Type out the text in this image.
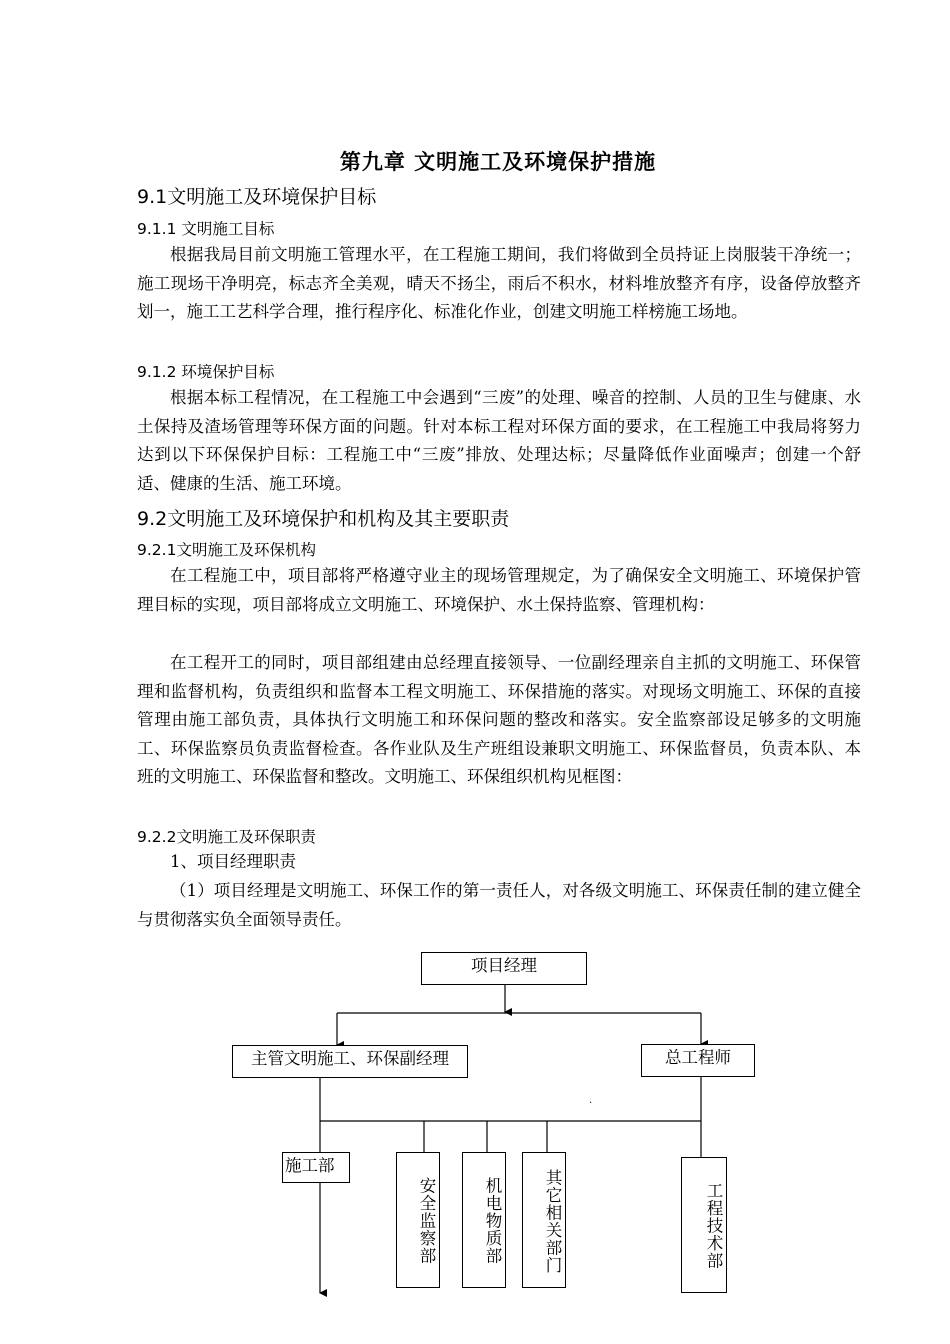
第九章 文明施工及环境保护措施
9.1文明施工及环境保护目标
9.1.1 文明施工目标
根据我局目前文明施工管理水平，在工程施工期间，我们将做到全员持证上岗服装干净统一；施工现场干净明亮，标志齐全美观，晴天不扬尘，雨后不积水，材料堆放整齐有序，设备停放整齐划一，施工工艺科学合理，推行程序化、标准化作业，创建文明施工样榜施工场地。
9.1.2 环境保护目标
根据本标工程情况，在工程施工中会遇到“三废”的处理、噪音的控制、人员的卫生与健康、水土保持及渣场管理等环保方面的问题。针对本标工程对环保方面的要求，在工程施工中我局将努力达到以下环保保护目标：工程施工中“三废”排放、处理达标；尽量降低作业面噪声；创建一个舒适、健康的生活、施工环境。
9.2文明施工及环境保护和机构及其主要职责
9.2.1文明施工及环保机构
在工程施工中，项目部将严格遵守业主的现场管理规定，为了确保安全文明施工、环境保护管理目标的实现，项目部将成立文明施工、环境保护、水土保持监察、管理机构：
在工程开工的同时，项目部组建由总经理直接领导、一位副经理亲自主抓的文明施工、环保管理和监督机构，负责组织和监督本工程文明施工、环保措施的落实。对现场文明施工、环保的直接管理由施工部负责，具体执行文明施工和环保问题的整改和落实。安全监察部设足够多的文明施工、环保监察员负责监督检查。各作业队及生产班组设兼职文明施工、环保监督员，负责本队、本班的文明施工、环保监督和整改。文明施工、环保组织机构见框图：
9.2.2文明施工及环保职责
1、项目经理职责
（1）项目经理是文明施工、环保工作的第一责任人，对各级文明施工、环保责任制的建立健全与贯彻落实负全面领导责任。
项目经理
主管文明施工、环保副经理	总工程师
.
施工部
安全监察部	机电物质部	其它相关部门	工程技术部
